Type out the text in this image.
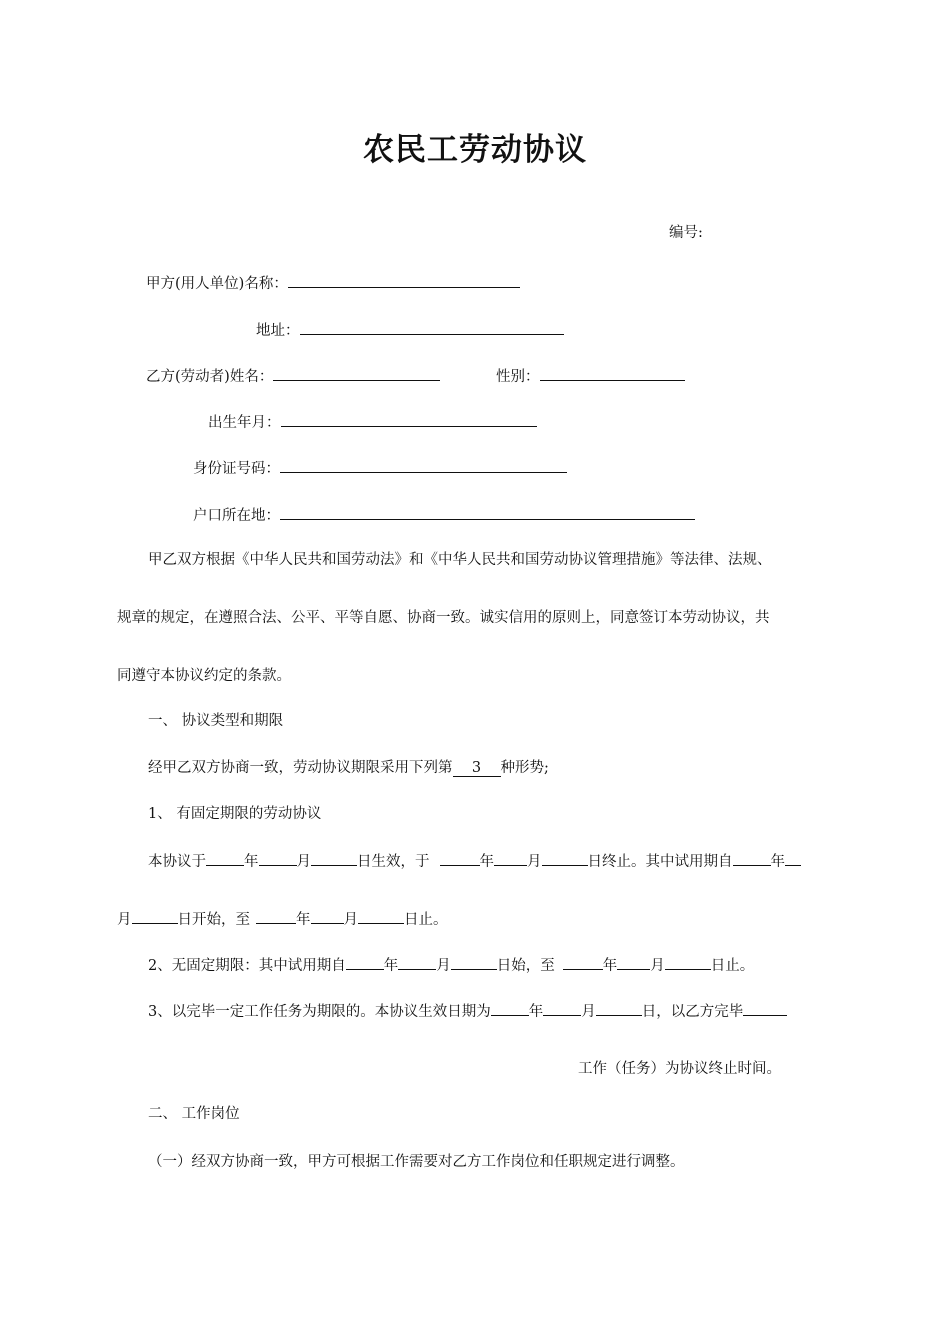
农民工劳动协议
编号:
甲方(用人单位)名称：
地址：
乙方(劳动者)姓名：	性别：
出生年月：
身份证号码：
户口所在地：
甲乙双方根据《中华人民共和国劳动法》和《中华人民共和国劳动协议管理措施》等法律、法规、
规章的规定，在遵照合法、公平、平等自愿、协商一致。诚实信用的原则上，同意签订本劳动协议，共
同遵守本协议约定的条款。
一、 协议类型和期限
经甲乙双方协商一致，劳动协议期限采用下列第 3 种形势;
1、 有固定期限的劳动协议
本协议于	年	月	日生效，于	年 月	日终止。其中试用期自	年
月	日开始，至	年 月	日止。
2、无固定期限：其中试用期自	年	月	日始，至	年 月	日止。
3、以完毕一定工作任务为期限的。本协议生效日期为	年	月	日，以乙方完毕
工作（任务）为协议终止时间。
二、 工作岗位
（一）经双方协商一致，甲方可根据工作需要对乙方工作岗位和任职规定进行调整。
